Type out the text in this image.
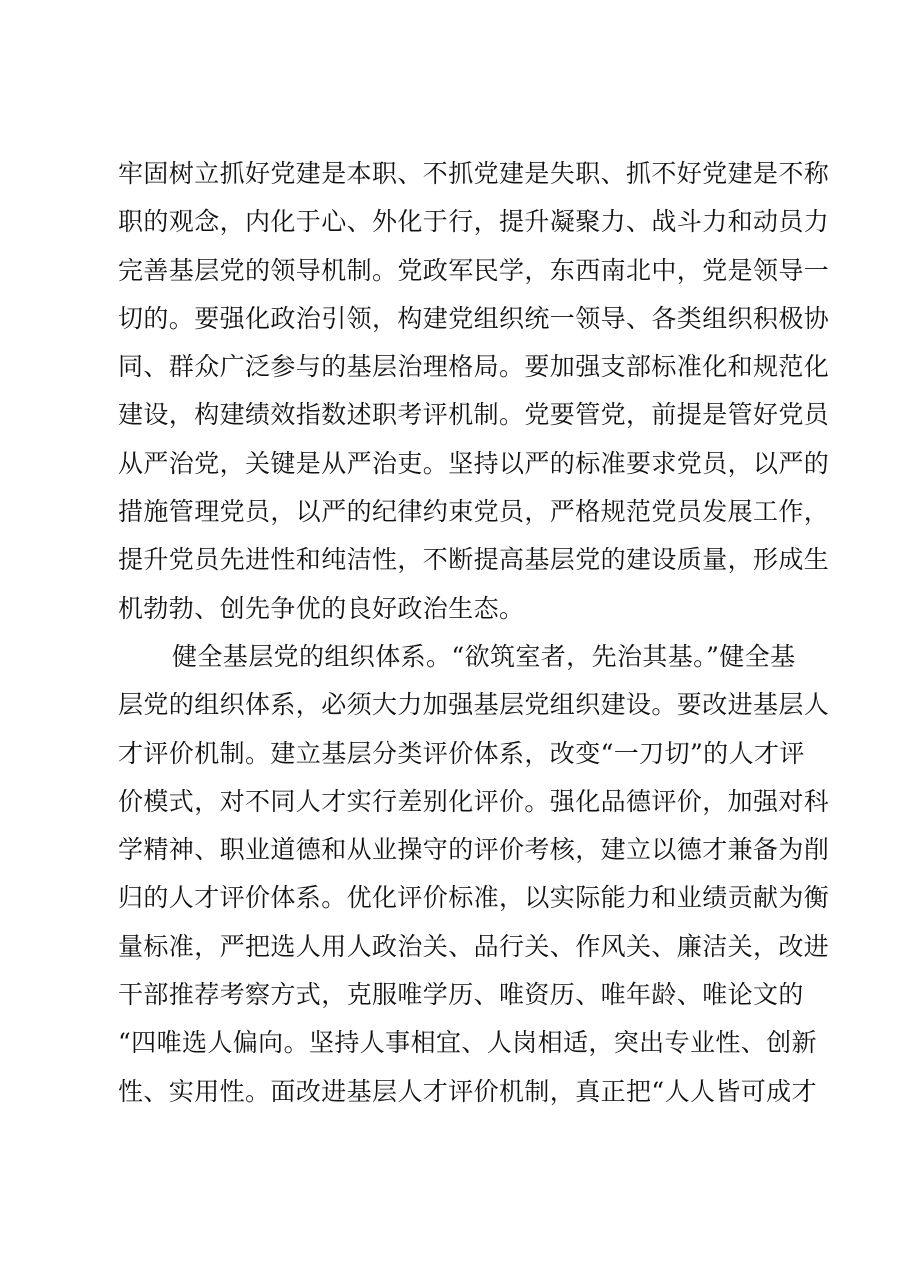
牢固树立抓好党建是本职、不抓党建是失职、抓不好党建是不称
职的观念，内化于心、外化于行，提升凝聚力、战斗力和动员力
完善基层党的领导机制。党政军民学，东西南北中，党是领导一
切的。要强化政治引领，构建党组织统一领导、各类组织积极协
同、群众广泛参与的基层治理格局。要加强支部标准化和规范化
建设，构建绩效指数述职考评机制。党要管党，前提是管好党员
从严治党，关键是从严治吏。坚持以严的标准要求党员，以严的
措施管理党员，以严的纪律约束党员，严格规范党员发展工作，
提升党员先进性和纯洁性，不断提高基层党的建设质量，形成生
机勃勃、创先争优的良好政治生态。
健全基层党的组织体系。“欲筑室者，先治其基。”健全基
层党的组织体系，必须大力加强基层党组织建设。要改进基层人
才评价机制。建立基层分类评价体系，改变“一刀切”的人才评
价模式，对不同人才实行差别化评价。强化品德评价，加强对科
学精神、职业道德和从业操守的评价考核，建立以德才兼备为削
归的人才评价体系。优化评价标准，以实际能力和业绩贡献为衡
量标准，严把选人用人政治关、品行关、作风关、廉洁关，改进
干部推荐考察方式，克服唯学历、唯资历、唯年龄、唯论文的
“四唯选人偏向。坚持人事相宜、人岗相适，突出专业性、创新
性、实用性。面改进基层人才评价机制，真正把“人人皆可成才
